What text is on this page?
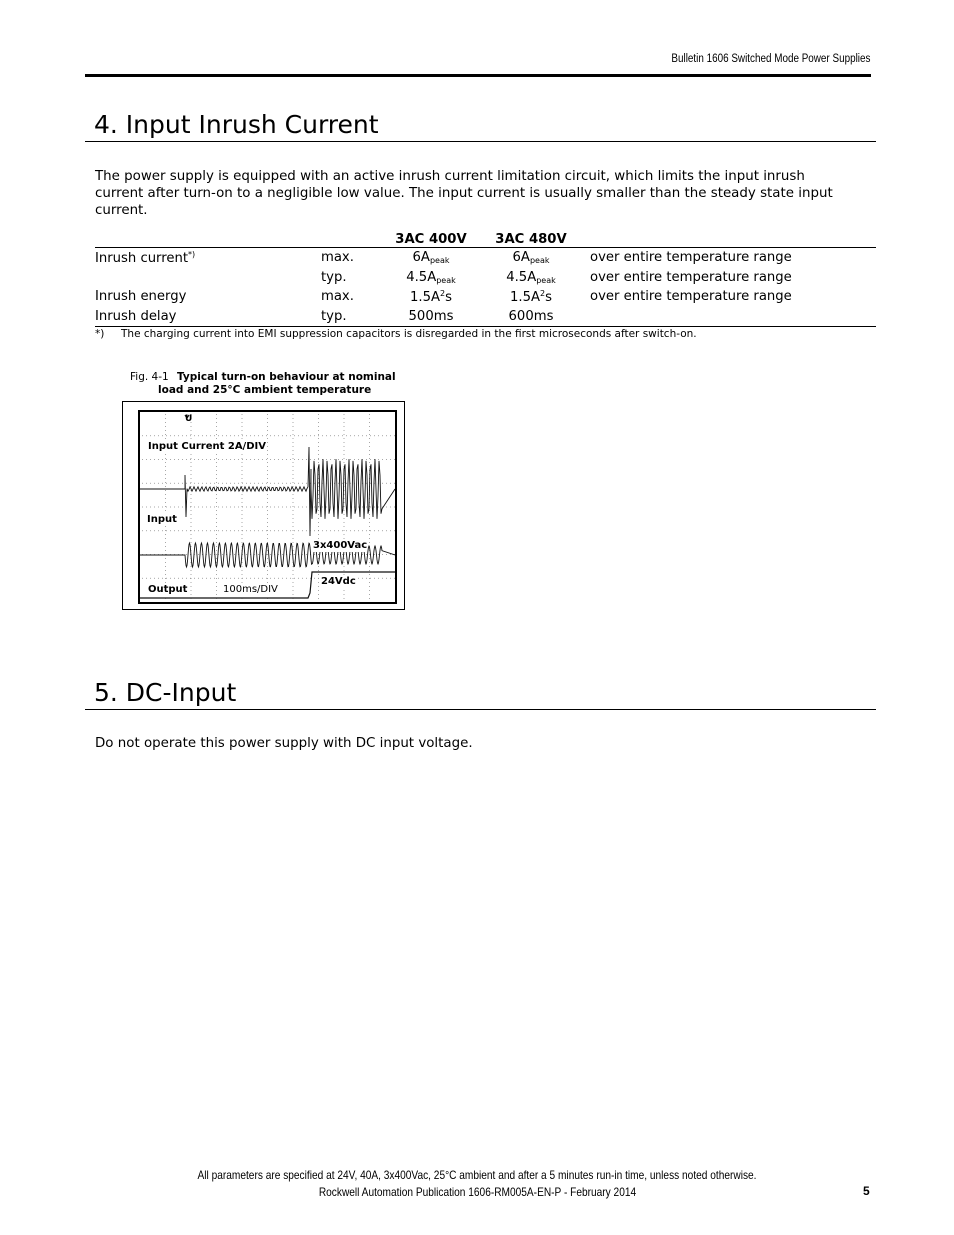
Bulletin 1606 Switched Mode Power Supplies
4. Input Inrush Current

The power supply is equipped with an active inrush current limitation circuit, which limits the input inrush current after turn-on to a negligible low value. The input current is usually smaller than the steady state input current.

		3AC 400V	3AC 480V	
Inrush current*)	max.	$6A_{peak}$	$6A_{peak}$	over entire temperature range
	typ.	$4.5A_{peak}$	$4.5A_{peak}$	over entire temperature range
Inrush energy	max.	$1.5A^2s$	$1.5A^2s$	over entire temperature range
Inrush delay	typ.	500ms	600ms	
*) The charging current into EMI suppression capacitors is disregarded in the first microseconds after switch-on.
Fig. 4-1 Typical turn-on behaviour at nominal
load and 25°C ambient temperature
U
Input Current 2A/DIV
Input
3x400Vac
24Vdc
Output	100ms/DIV
5. DC-Input

Do not operate this power supply with DC input voltage.

All parameters are specified at 24V, 40A, 3x400Vac, 25°C ambient and after a 5 minutes run-in time, unless noted otherwise.
Rockwell Automation Publication 1606-RM005A-EN-P - February 2014	5
